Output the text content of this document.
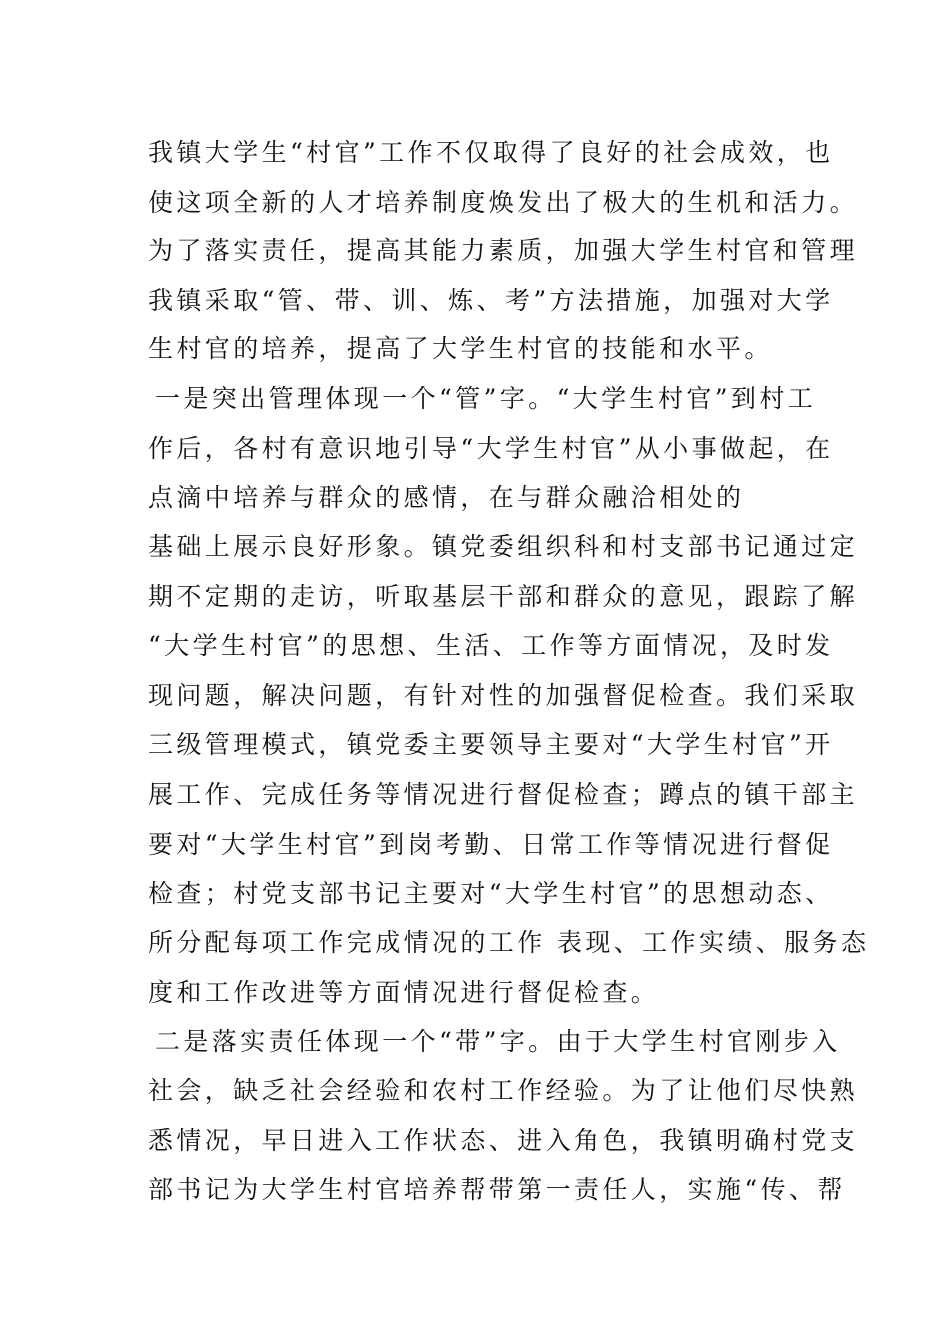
我镇大学生“村官”工作不仅取得了良好的社会成效，也
使这项全新的人才培养制度焕发出了极大的生机和活力。
为了落实责任，提高其能力素质，加强大学生村官和管理
我镇采取“管、带、训、炼、考”方法措施，加强对大学
生村官的培养，提高了大学生村官的技能和水平。
一是突出管理体现一个“管”字。“大学生村官”到村工
作后，各村有意识地引导“大学生村官”从小事做起，在
点滴中培养与群众的感情，在与群众融洽相处的
基础上展示良好形象。镇党委组织科和村支部书记通过定
期不定期的走访，听取基层干部和群众的意见，跟踪了解
“大学生村官”的思想、生活、工作等方面情况，及时发
现问题，解决问题，有针对性的加强督促检查。我们采取
三级管理模式，镇党委主要领导主要对“大学生村官”开
展工作、完成任务等情况进行督促检查；蹲点的镇干部主
要对“大学生村官”到岗考勤、日常工作等情况进行督促
检查；村党支部书记主要对“大学生村官”的思想动态、
所分配每项工作完成情况的工作 表现、工作实绩、服务态
度和工作改进等方面情况进行督促检查。
二是落实责任体现一个“带”字。由于大学生村官刚步入
社会，缺乏社会经验和农村工作经验。为了让他们尽快熟
悉情况，早日进入工作状态、进入角色，我镇明确村党支
部书记为大学生村官培养帮带第一责任人，实施“传、帮
